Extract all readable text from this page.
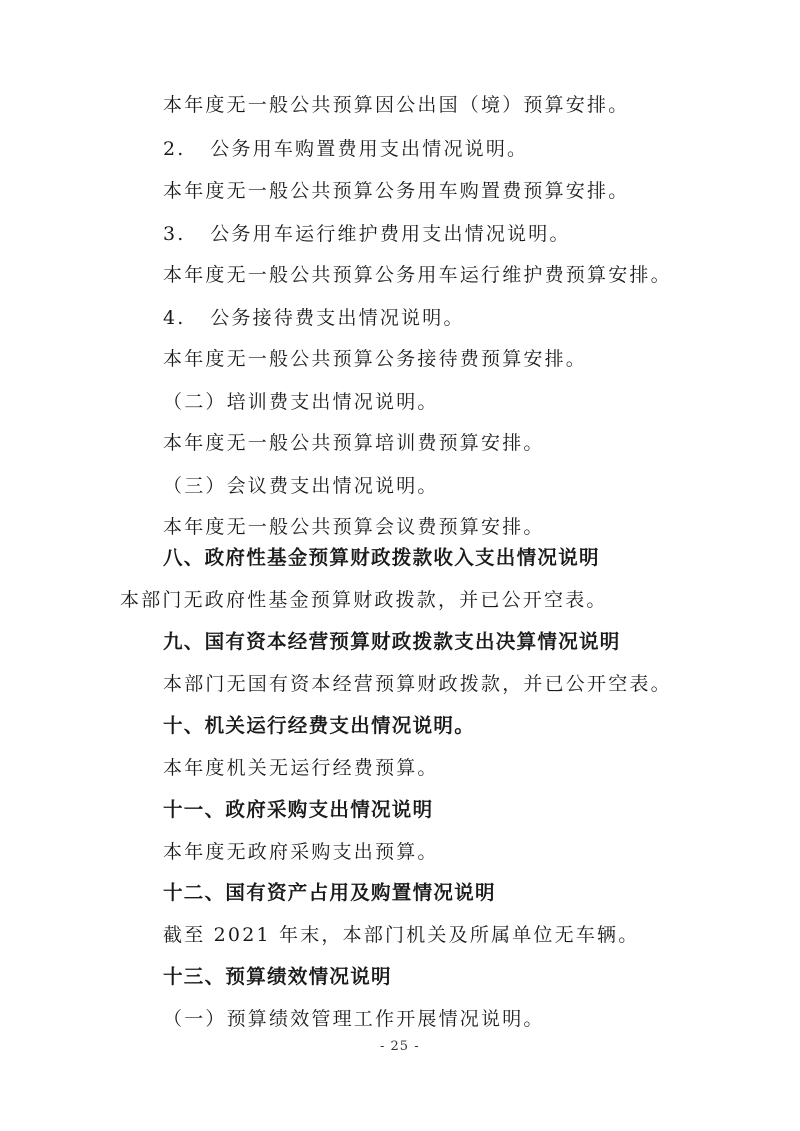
本年度无一般公共预算因公出国（境）预算安排。
2.   公务用车购置费用支出情况说明。
本年度无一般公共预算公务用车购置费预算安排。
3.   公务用车运行维护费用支出情况说明。
本年度无一般公共预算公务用车运行维护费预算安排。
4.   公务接待费支出情况说明。
本年度无一般公共预算公务接待费预算安排。
（二）培训费支出情况说明。
本年度无一般公共预算培训费预算安排。
（三）会议费支出情况说明。
本年度无一般公共预算会议费预算安排。
八、政府性基金预算财政拨款收入支出情况说明
本部门无政府性基金预算财政拨款，并已公开空表。
九、国有资本经营预算财政拨款支出决算情况说明
本部门无国有资本经营预算财政拨款，并已公开空表。
十、机关运行经费支出情况说明。
本年度机关无运行经费预算。
十一、政府采购支出情况说明
本年度无政府采购支出预算。
十二、国有资产占用及购置情况说明
截至 2021 年末，本部门机关及所属单位无车辆。
十三、预算绩效情况说明
（一）预算绩效管理工作开展情况说明。
- 25 -
